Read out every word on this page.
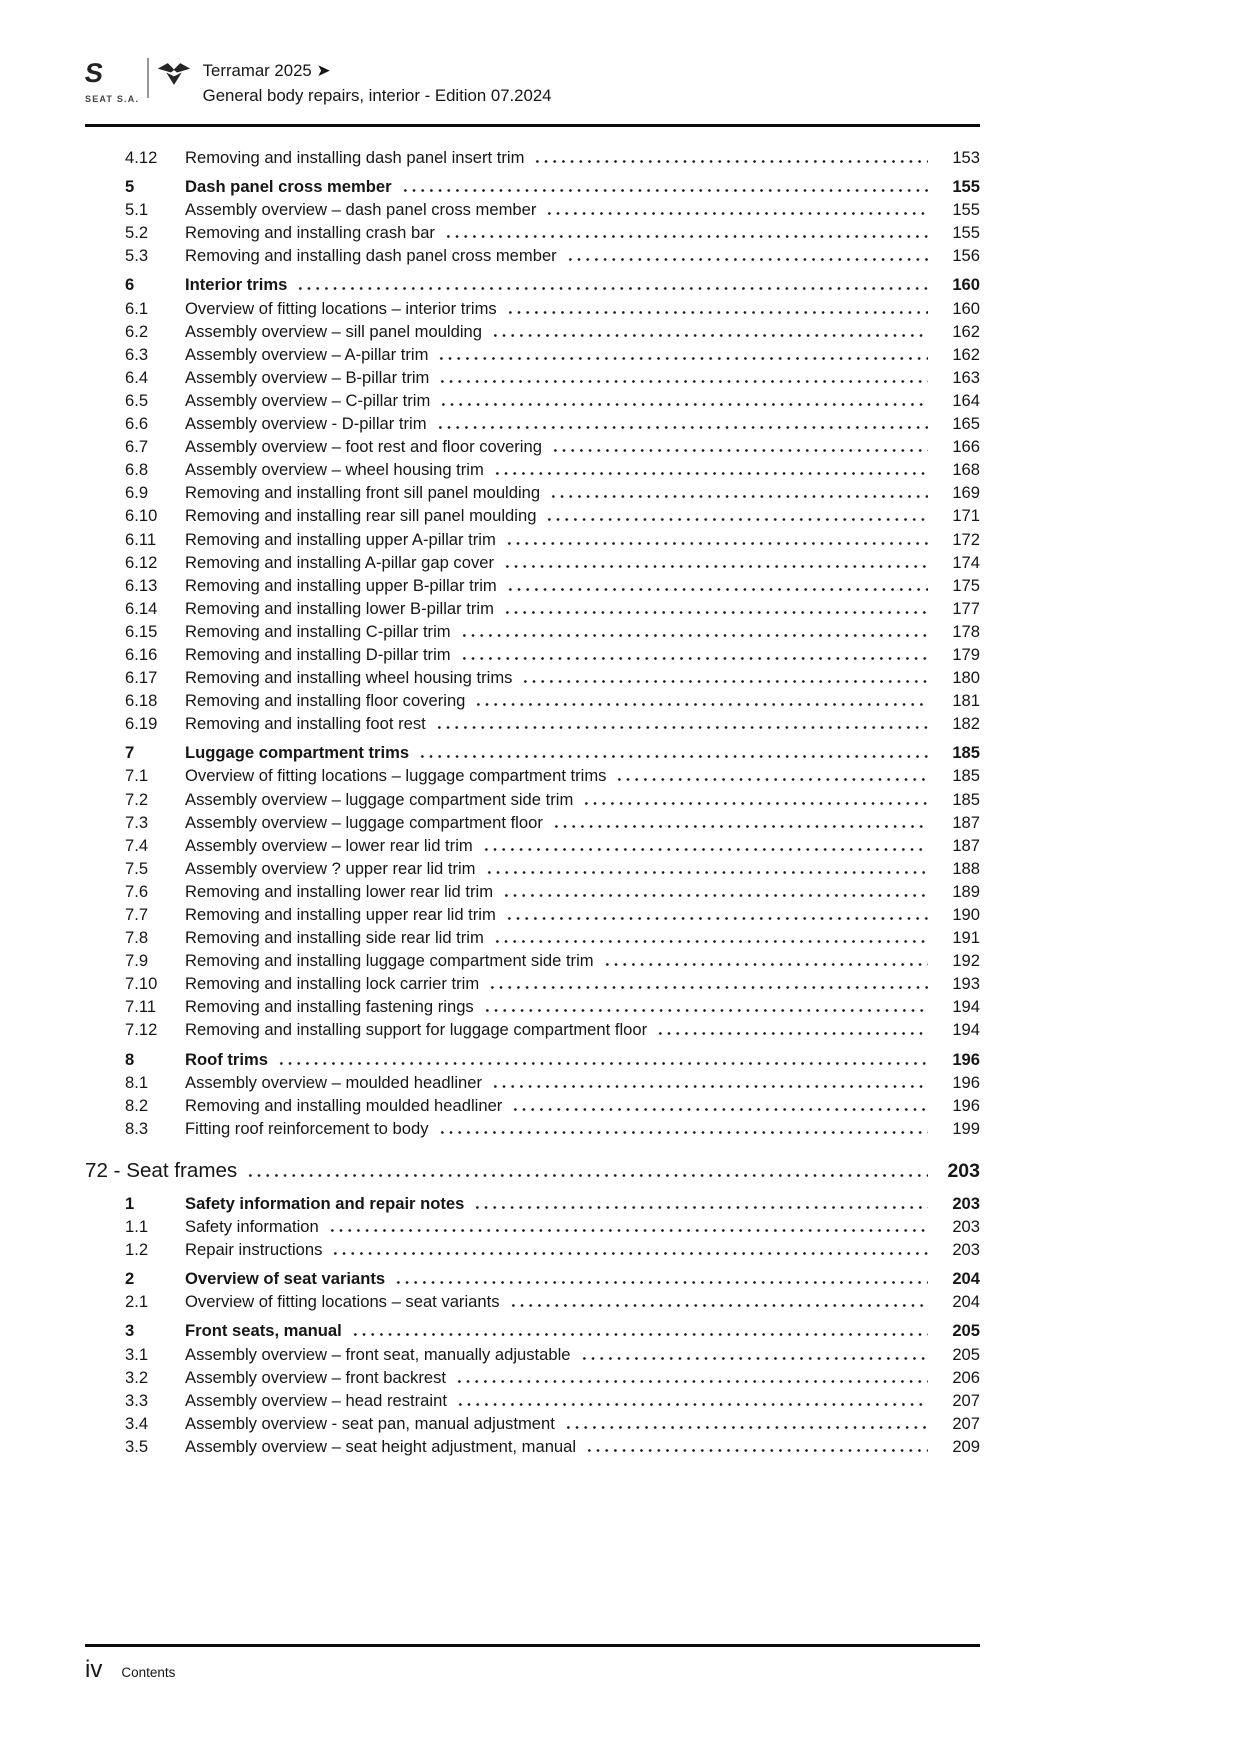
S
SEAT S.A.
Terramar 2025 ➤
General body repairs, interior - Edition 07.2024
4.12	Removing and installing dash panel insert trim	153
5	Dash panel cross member	155
5.1	Assembly overview – dash panel cross member	155
5.2	Removing and installing crash bar	155
5.3	Removing and installing dash panel cross member	156
6	Interior trims	160
6.1	Overview of fitting locations – interior trims	160
6.2	Assembly overview – sill panel moulding	162
6.3	Assembly overview – A-pillar trim	162
6.4	Assembly overview – B-pillar trim	163
6.5	Assembly overview – C-pillar trim	164
6.6	Assembly overview - D-pillar trim	165
6.7	Assembly overview – foot rest and floor covering	166
6.8	Assembly overview – wheel housing trim	168
6.9	Removing and installing front sill panel moulding	169
6.10	Removing and installing rear sill panel moulding	171
6.11	Removing and installing upper A-pillar trim	172
6.12	Removing and installing A-pillar gap cover	174
6.13	Removing and installing upper B-pillar trim	175
6.14	Removing and installing lower B-pillar trim	177
6.15	Removing and installing C-pillar trim	178
6.16	Removing and installing D-pillar trim	179
6.17	Removing and installing wheel housing trims	180
6.18	Removing and installing floor covering	181
6.19	Removing and installing foot rest	182
7	Luggage compartment trims	185
7.1	Overview of fitting locations – luggage compartment trims	185
7.2	Assembly overview – luggage compartment side trim	185
7.3	Assembly overview – luggage compartment floor	187
7.4	Assembly overview – lower rear lid trim	187
7.5	Assembly overview ? upper rear lid trim	188
7.6	Removing and installing lower rear lid trim	189
7.7	Removing and installing upper rear lid trim	190
7.8	Removing and installing side rear lid trim	191
7.9	Removing and installing luggage compartment side trim	192
7.10	Removing and installing lock carrier trim	193
7.11	Removing and installing fastening rings	194
7.12	Removing and installing support for luggage compartment floor	194
8	Roof trims	196
8.1	Assembly overview – moulded headliner	196
8.2	Removing and installing moulded headliner	196
8.3	Fitting roof reinforcement to body	199
72 - Seat frames	203
1	Safety information and repair notes	203
1.1	Safety information	203
1.2	Repair instructions	203
2	Overview of seat variants	204
2.1	Overview of fitting locations – seat variants	204
3	Front seats, manual	205
3.1	Assembly overview – front seat, manually adjustable	205
3.2	Assembly overview – front backrest	206
3.3	Assembly overview – head restraint	207
3.4	Assembly overview - seat pan, manual adjustment	207
3.5	Assembly overview – seat height adjustment, manual	209
iv Contents
